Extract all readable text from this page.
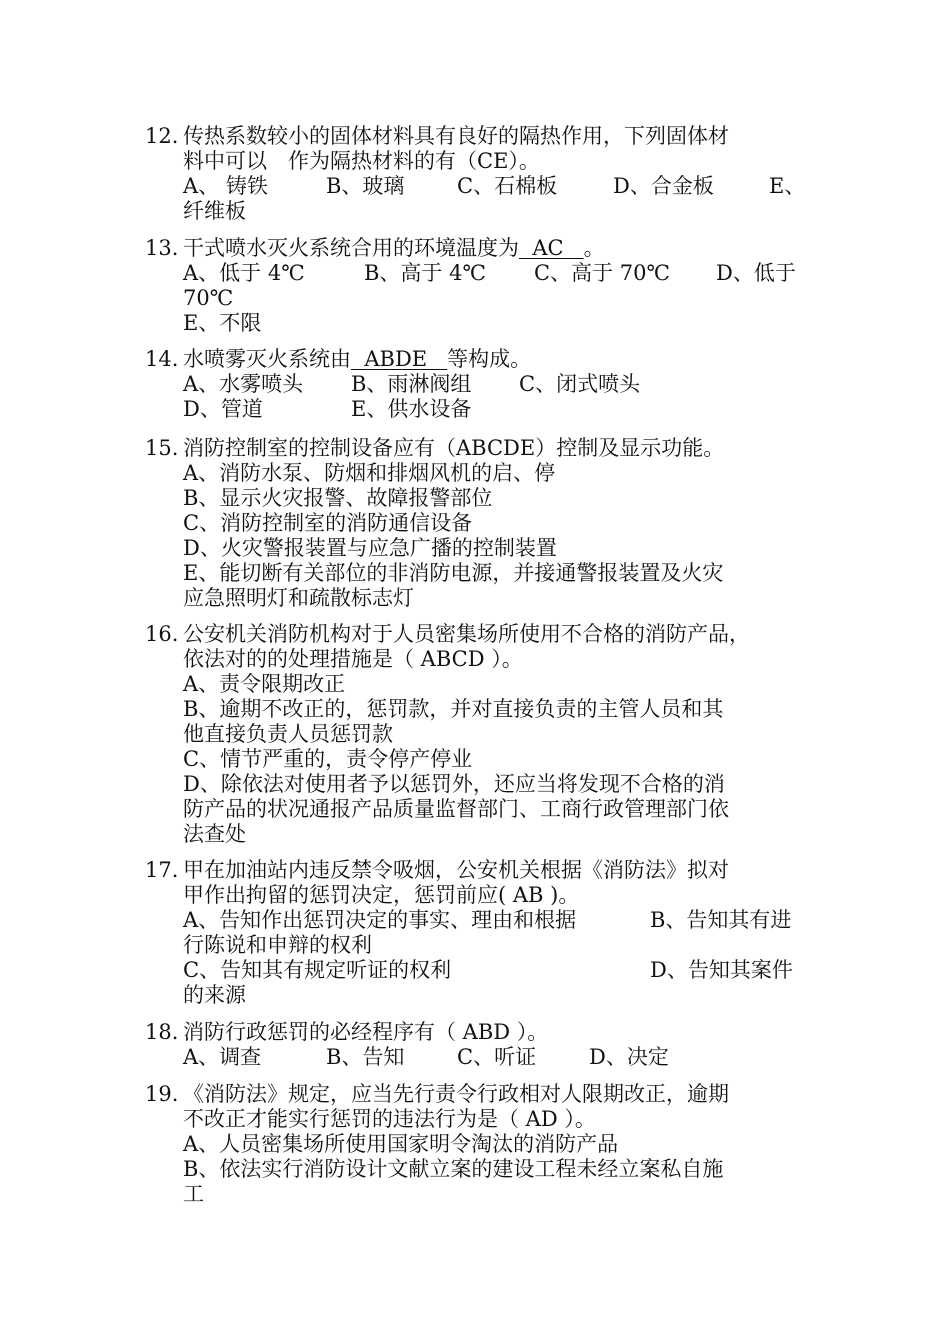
12. 传热系数较小的固体材料具有良好的隔热作用，下列固体材
料中可以　作为隔热材料的有（CE）。
A、 铸铁	B、玻璃	C、石棉板	D、合金板	E、
纤维板
13. 干式喷水灭火系统合用的环境温度为  AC   。
A、低于 4℃	B、高于 4℃	C、高于 70℃	D、低于
70℃
E、不限
14. 水喷雾灭火系统由  ABDE   等构成。
A、水雾喷头	B、雨淋阀组	C、闭式喷头
D、管道	E、供水设备
15. 消防控制室的控制设备应有（ABCDE）控制及显示功能。
A、消防水泵、防烟和排烟风机的启、停
B、显示火灾报警、故障报警部位
C、消防控制室的消防通信设备
D、火灾警报装置与应急广播的控制装置
E、能切断有关部位的非消防电源，并接通警报装置及火灾
应急照明灯和疏散标志灯
16. 公安机关消防机构对于人员密集场所使用不合格的消防产品，
依法对的的处理措施是（ ABCD ）。
A、责令限期改正
B、逾期不改正的，惩罚款，并对直接负责的主管人员和其
他直接负责人员惩罚款
C、情节严重的，责令停产停业
D、除依法对使用者予以惩罚外，还应当将发现不合格的消
防产品的状况通报产品质量监督部门、工商行政管理部门依
法查处
17. 甲在加油站内违反禁令吸烟，公安机关根据《消防法》拟对
甲作出拘留的惩罚决定，惩罚前应( AB )。
A、告知作出惩罚决定的事实、理由和根据	B、告知其有进
行陈说和申辩的权利
C、告知其有规定听证的权利	D、告知其案件
的来源
18. 消防行政惩罚的必经程序有（ ABD ）。
A、调查	B、告知	C、听证	D、决定
19. 《消防法》规定，应当先行责令行政相对人限期改正，逾期
不改正才能实行惩罚的违法行为是（ AD ）。
A、人员密集场所使用国家明令淘汰的消防产品
B、依法实行消防设计文献立案的建设工程未经立案私自施
工
